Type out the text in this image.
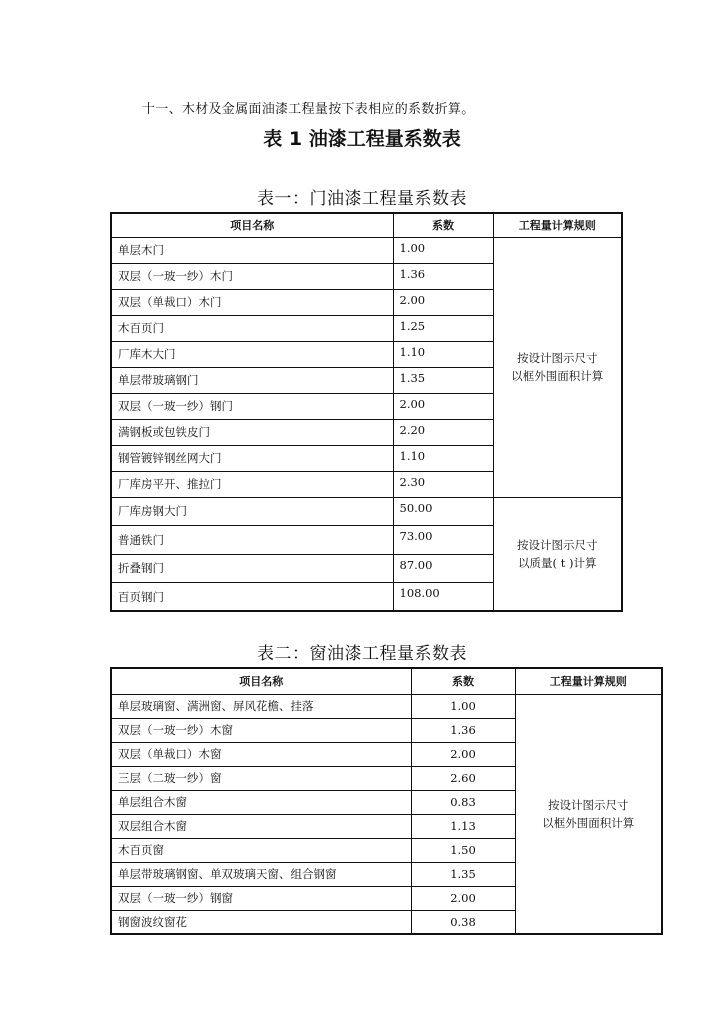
十一、木材及金属面油漆工程量按下表相应的系数折算。
表 1 油漆工程量系数表
表一：门油漆工程量系数表
项目名称	系数	工程量计算规则
单层木门	1.00	按设计图示尺寸
以框外围面积计算

双层（一玻一纱）木门	1.36	
双层（单裁口）木门	2.00	
木百页门	1.25	
厂库木大门	1.10	
单层带玻璃钢门	1.35	
双层（一玻一纱）钢门	2.00	
满钢板或包铁皮门	2.20	
钢管镀锌钢丝网大门	1.10	
厂库房平开、推拉门	2.30	
厂库房钢大门	50.00	按设计图示尺寸
以质量( t )计算

普通铁门	73.00	
折叠钢门	87.00	
百页钢门	108.00	
表二：窗油漆工程量系数表
项目名称	系数	工程量计算规则
单层玻璃窗、满洲窗、屏风花檐、挂落	1.00	按设计图示尺寸
以框外围面积计算

双层（一玻一纱）木窗	1.36	
双层（单裁口）木窗	2.00	
三层（二玻一纱）窗	2.60	
单层组合木窗	0.83	
双层组合木窗	1.13	
木百页窗	1.50	
单层带玻璃钢窗、单双玻璃天窗、组合钢窗	1.35	
双层（一玻一纱）钢窗	2.00	
钢窗波纹窗花	0.38	
